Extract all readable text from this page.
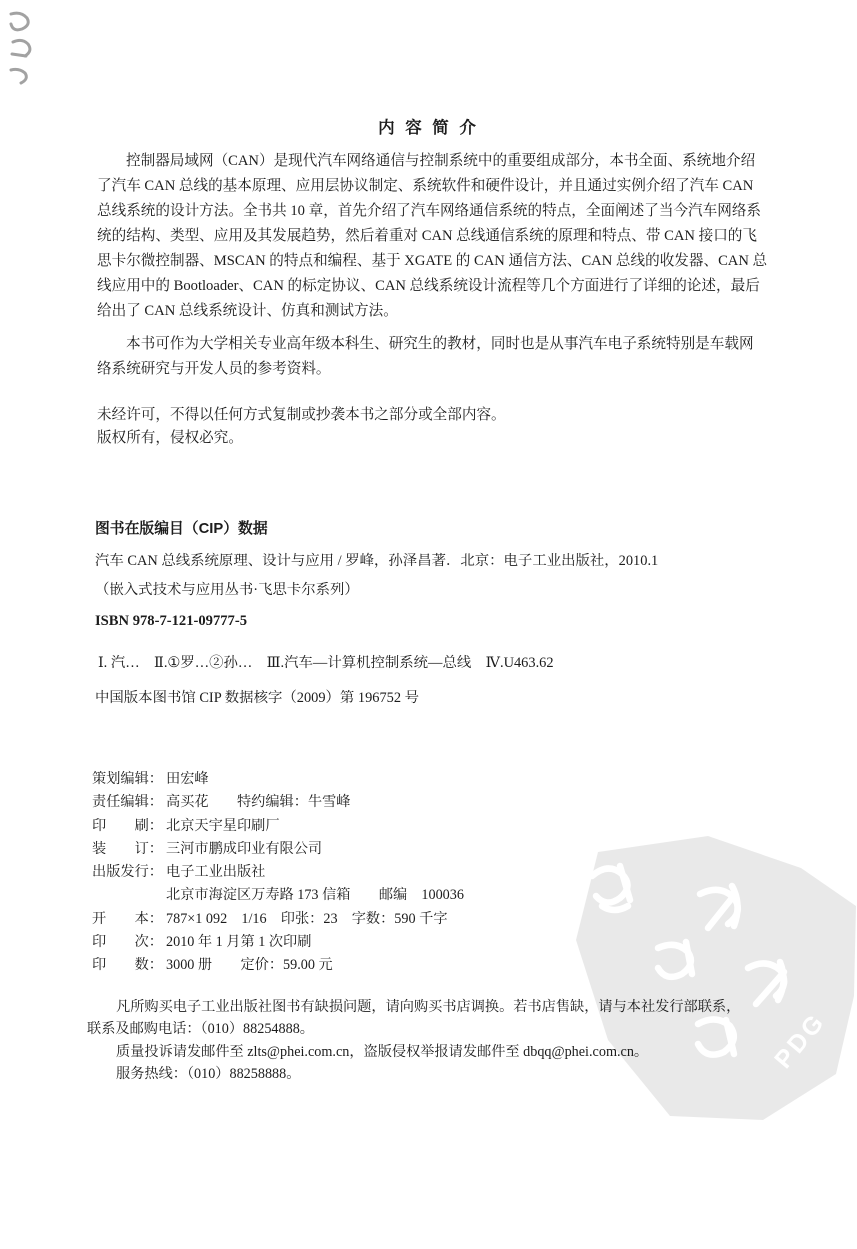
内 容 简 介
控制器局域网（CAN）是现代汽车网络通信与控制系统中的重要组成部分，本书全面、系统地介绍
了汽车 CAN 总线的基本原理、应用层协议制定、系统软件和硬件设计，并且通过实例介绍了汽车 CAN
总线系统的设计方法。全书共 10 章，首先介绍了汽车网络通信系统的特点，全面阐述了当今汽车网络系
统的结构、类型、应用及其发展趋势，然后着重对 CAN 总线通信系统的原理和特点、带 CAN 接口的飞
思卡尔微控制器、MSCAN 的特点和编程、基于 XGATE 的 CAN 通信方法、CAN 总线的收发器、CAN 总
线应用中的 Bootloader、CAN 的标定协议、CAN 总线系统设计流程等几个方面进行了详细的论述，最后
给出了 CAN 总线系统设计、仿真和测试方法。
本书可作为大学相关专业高年级本科生、研究生的教材，同时也是从事汽车电子系统特别是车载网
络系统研究与开发人员的参考资料。
未经许可，不得以任何方式复制或抄袭本书之部分或全部内容。
版权所有，侵权必究。
图书在版编目（CIP）数据
汽车 CAN 总线系统原理、设计与应用 / 罗峰，孙泽昌著．北京：电子工业出版社，2010.1
（嵌入式技术与应用丛书·飞思卡尔系列）
ISBN 978-7-121-09777-5
Ⅰ. 汽…　Ⅱ.①罗…②孙…　Ⅲ.汽车—计算机控制系统—总线　Ⅳ.U463.62
中国版本图书馆 CIP 数据核字（2009）第 196752 号
策划编辑： 田宏峰
责任编辑： 高买花　　特约编辑：牛雪峰
印　　刷： 北京天宇星印刷厂
装　　订： 三河市鹏成印业有限公司
出版发行： 电子工业出版社
北京市海淀区万寿路 173 信箱　　邮编　100036
开　　本： 787×1 092　1/16　印张：23　字数：590 千字
印　　次： 2010 年 1 月第 1 次印刷
印　　数： 3000 册　　定价：59.00 元
凡所购买电子工业出版社图书有缺损问题，请向购买书店调换。若书店售缺，请与本社发行部联系，
联系及邮购电话：（010）88254888。
质量投诉请发邮件至 zlts@phei.com.cn，盗版侵权举报请发邮件至 dbqq@phei.com.cn。
服务热线：（010）88258888。
PDG
